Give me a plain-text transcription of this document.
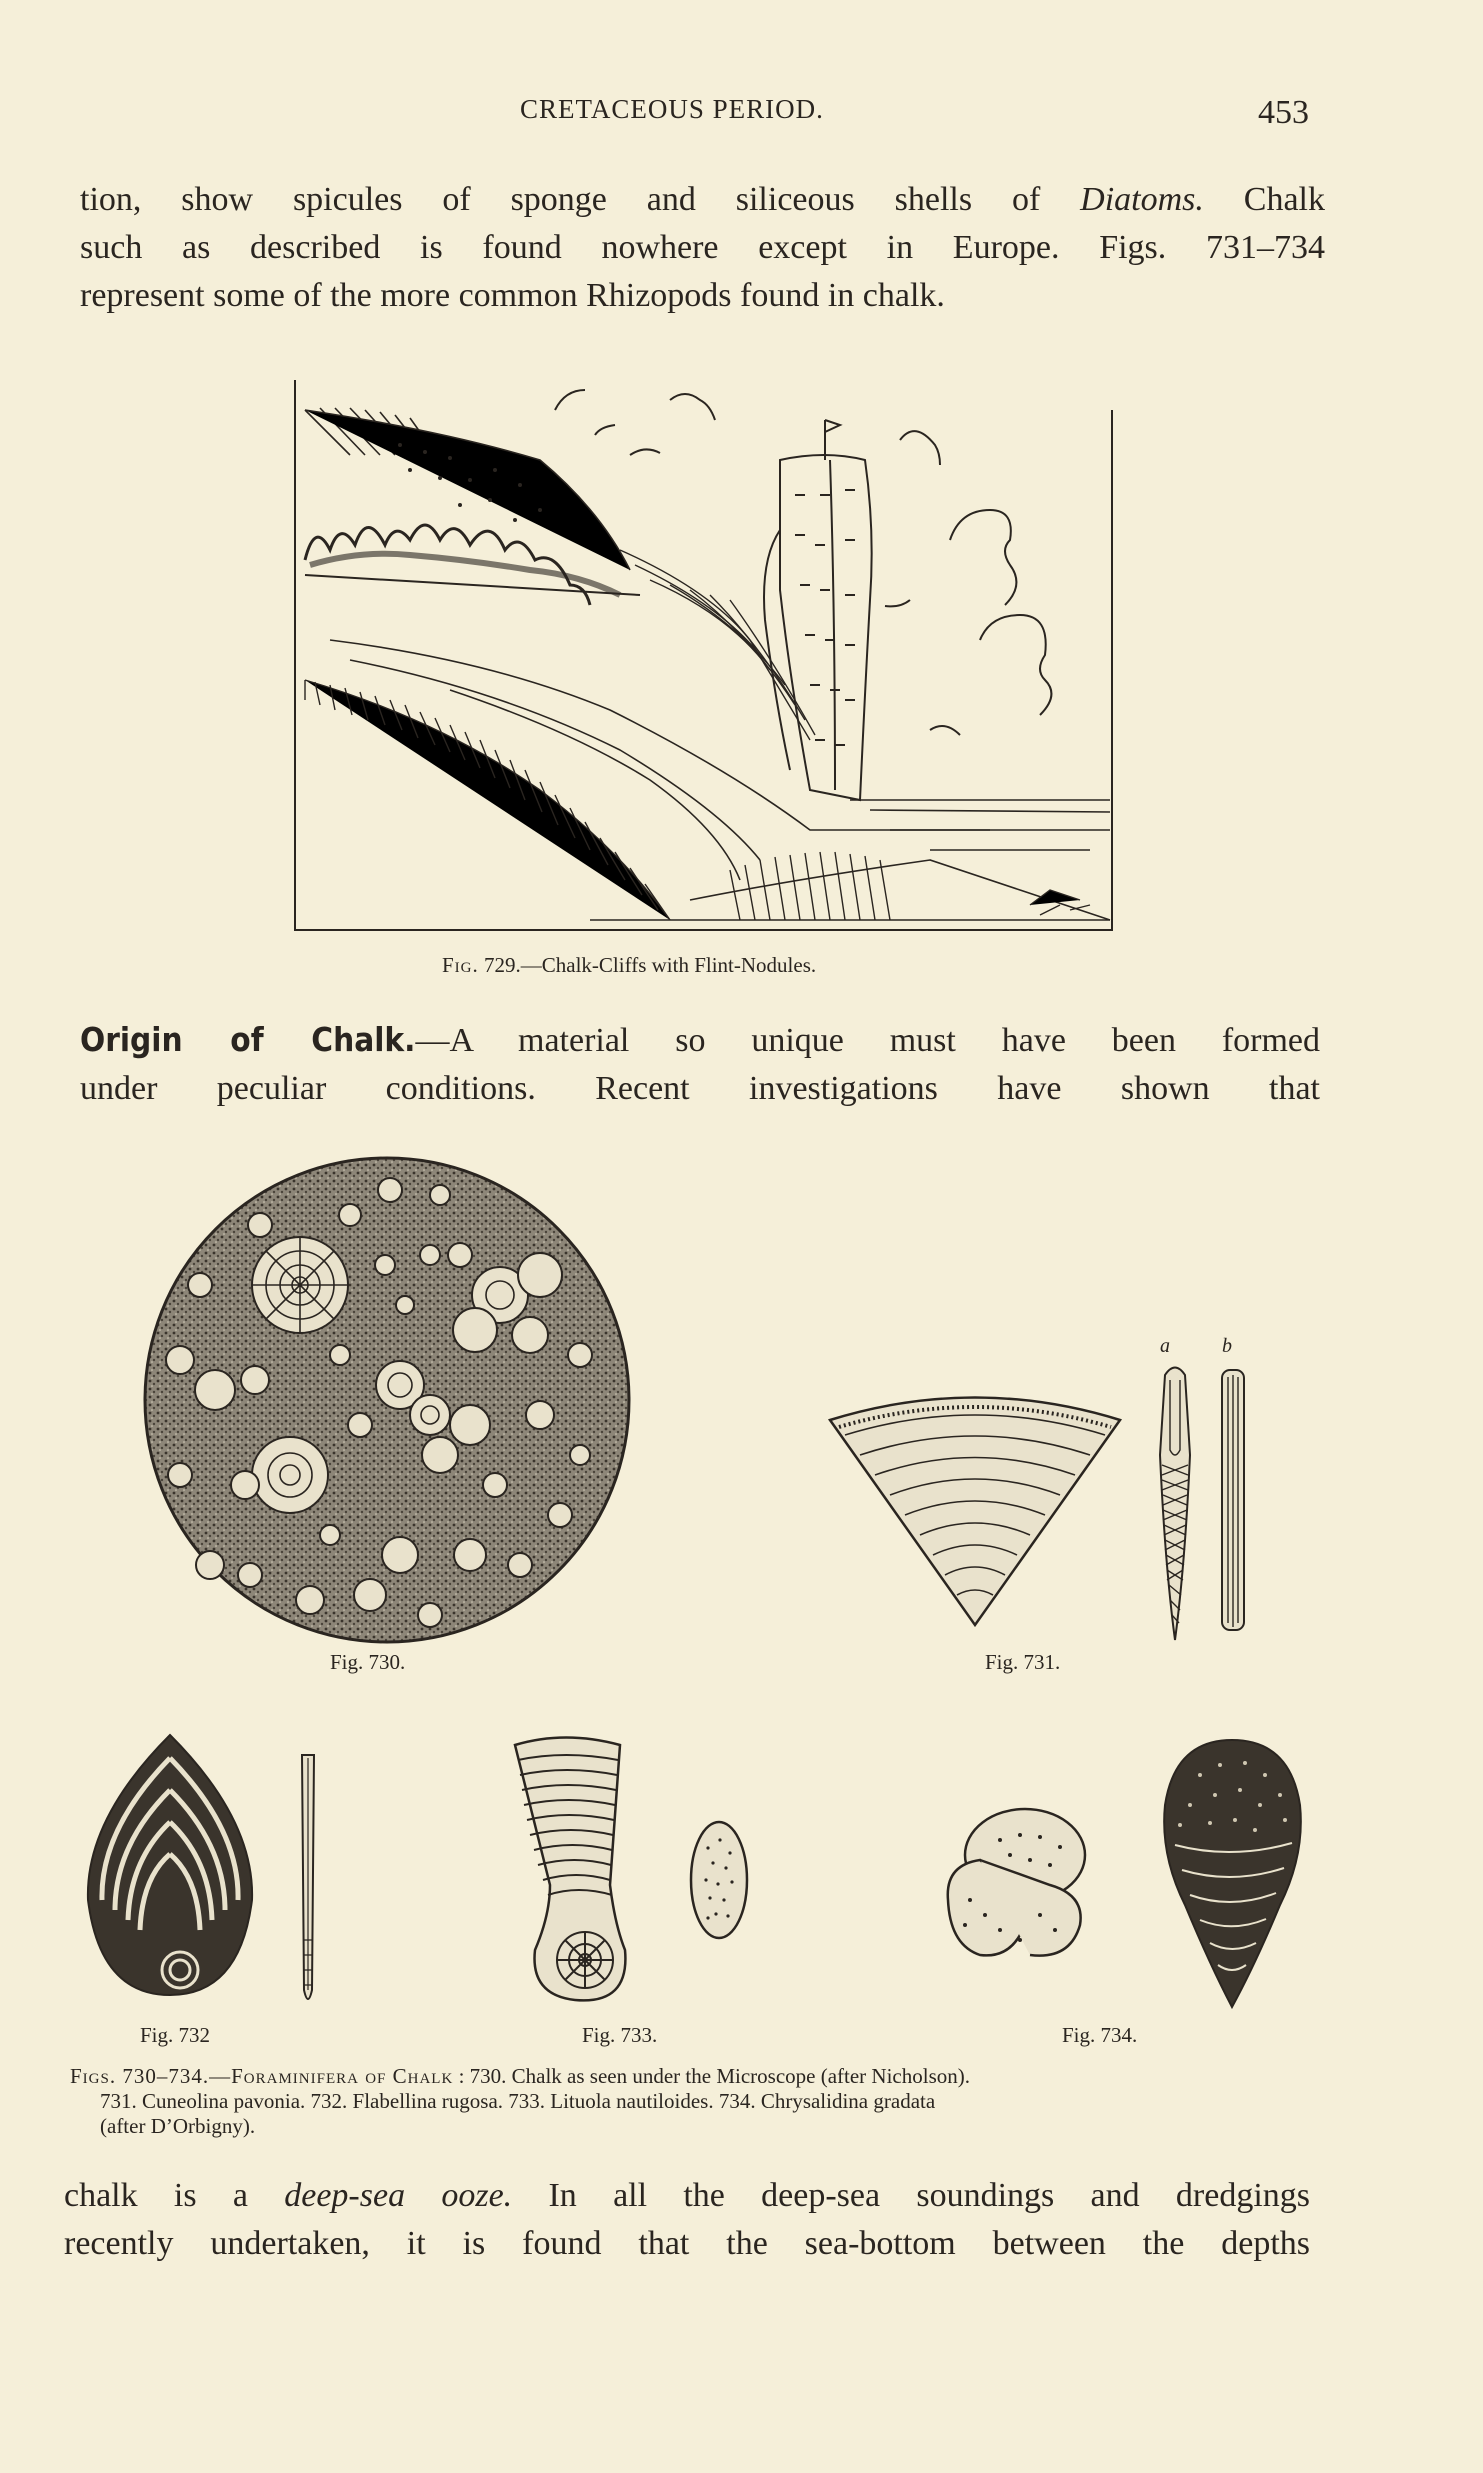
CRETACEOUS PERIOD.	453
tion, show spicules of sponge and siliceous shells of Diatoms. Chalk
such as described is found nowhere except in Europe. Figs. 731–734
represent some of the more common Rhizopods found in chalk.
Fig. 729.—Chalk-Cliffs with Flint-Nodules.
Origin of Chalk.—A material so unique must have been formed
under peculiar conditions. Recent investigations have shown that
Fig. 730.
a	b
Fig. 731.
Fig. 732	Fig. 733.	Fig. 734.
Figs. 730–734.—Foraminifera of Chalk : 730. Chalk as seen under the Microscope (after Nicholson).
731. Cuneolina pavonia. 732. Flabellina rugosa. 733. Lituola nautiloides. 734. Chrysalidina gradata
(after D’Orbigny).
chalk is a deep-sea ooze. In all the deep-sea soundings and dredgings
recently undertaken, it is found that the sea-bottom between the depths
